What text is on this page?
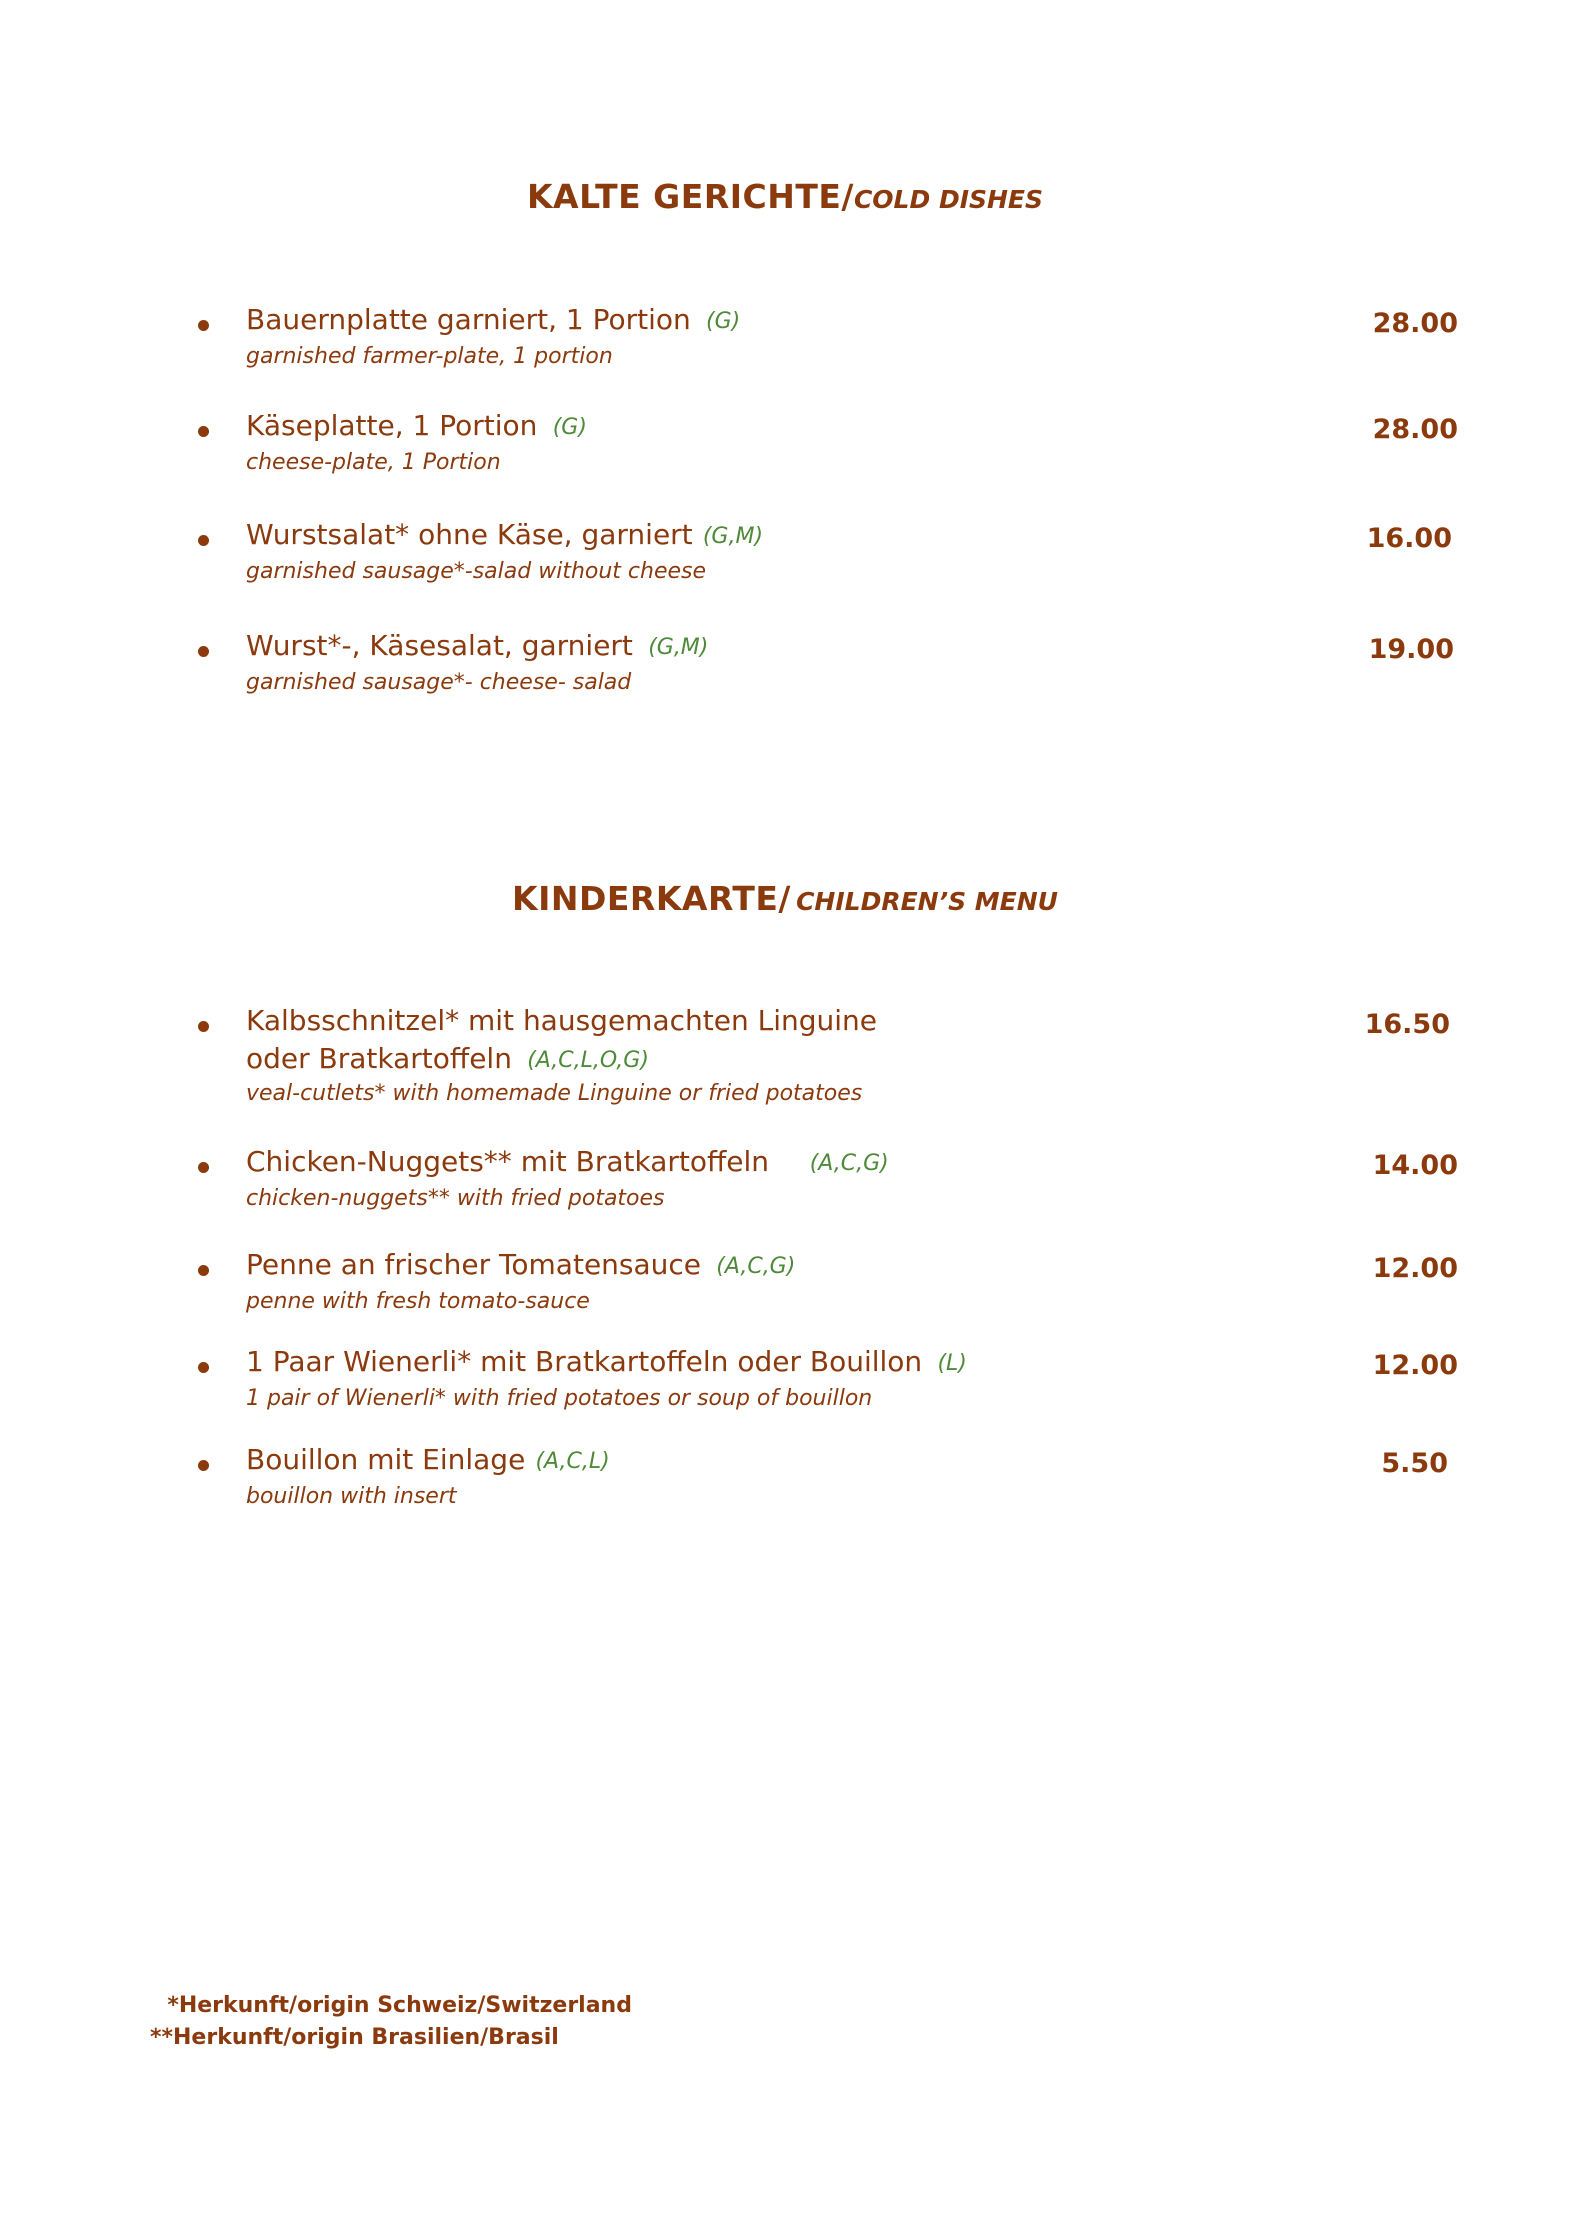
KALTE GERICHTE/COLD DISHES
Bauernplatte garniert, 1 Portion (G)
garnished farmer-plate, 1 portion
28.00
Käseplatte, 1 Portion (G)
cheese-plate, 1 Portion
28.00
Wurstsalat* ohne Käse, garniert (G,M)
garnished sausage*-salad without cheese
16.00
Wurst*-, Käsesalat, garniert (G,M)
garnished sausage*- cheese- salad
19.00
KINDERKARTE/ CHILDREN’S MENU
Kalbsschnitzel* mit hausgemachten Linguine
oder Bratkartoffeln (A,C,L,O,G)
veal-cutlets* with homemade Linguine or fried potatoes
16.50
Chicken-Nuggets** mit Bratkartoffeln (A,C,G)
chicken-nuggets** with fried potatoes
14.00
Penne an frischer Tomatensauce (A,C,G)
penne with fresh tomato-sauce
12.00
1 Paar Wienerli* mit Bratkartoffeln oder Bouillon (L)
1 pair of Wienerli* with fried potatoes or soup of bouillon
12.00
Bouillon mit Einlage (A,C,L)
bouillon with insert
5.50
*Herkunft/origin Schweiz/Switzerland
**Herkunft/origin Brasilien/Brasil
